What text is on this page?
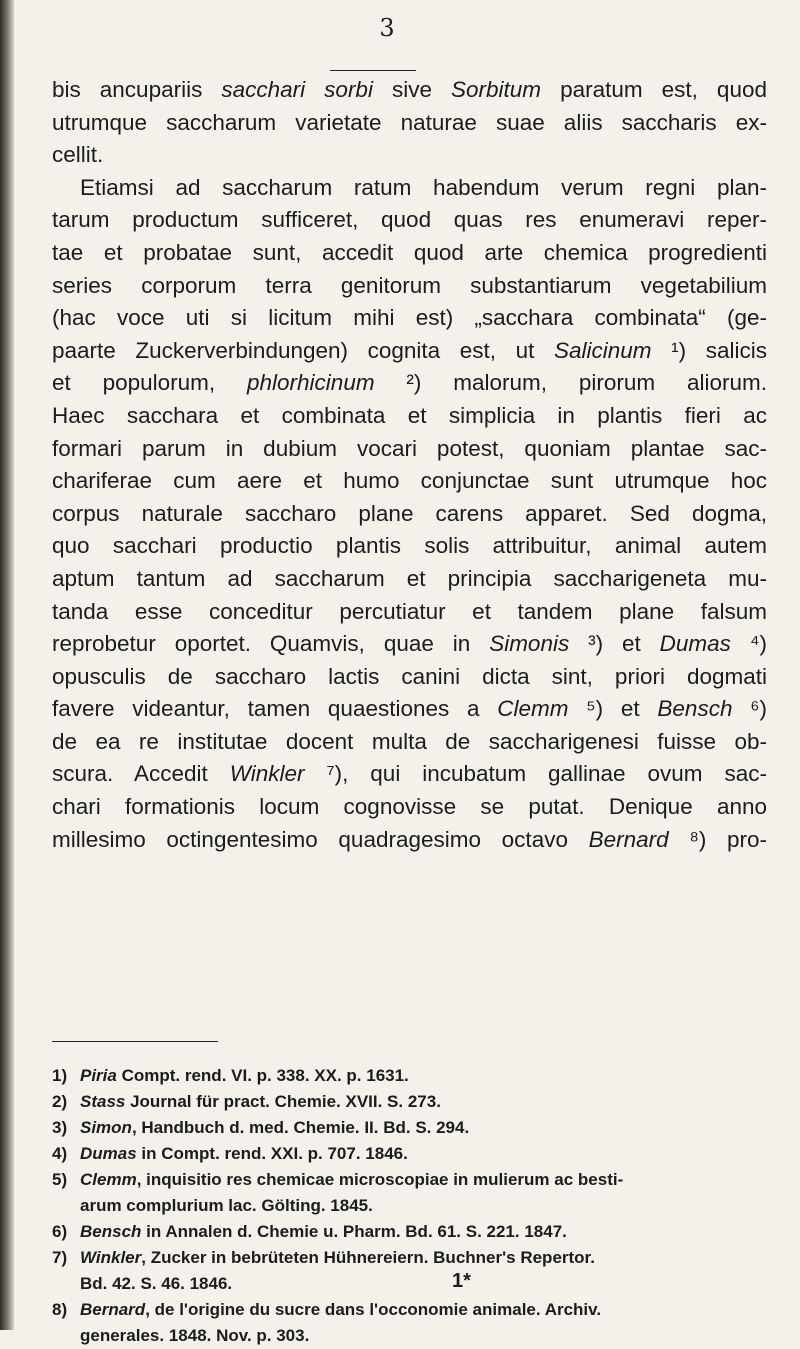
3
bis ancupariis sacchari sorbi sive Sorbitum paratum est, quod
utrumque saccharum varietate naturae suae aliis saccharis ex-
cellit.
Etiamsi ad saccharum ratum habendum verum regni plan-
tarum productum sufficeret, quod quas res enumeravi reper-
tae et probatae sunt, accedit quod arte chemica progredienti
series corporum terra genitorum substantiarum vegetabilium
(hac voce uti si licitum mihi est) „sacchara combinata“ (ge-
paarte Zuckerverbindungen) cognita est, ut Salicinum ¹) salicis
et populorum, phlorhicinum ²) malorum, pirorum aliorum.
Haec sacchara et combinata et simplicia in plantis fieri ac
formari parum in dubium vocari potest, quoniam plantae sac-
chariferae cum aere et humo conjunctae sunt utrumque hoc
corpus naturale saccharo plane carens apparet. Sed dogma,
quo sacchari productio plantis solis attribuitur, animal autem
aptum tantum ad saccharum et principia saccharigeneta mu-
tanda esse conceditur percutiatur et tandem plane falsum
reprobetur oportet. Quamvis, quae in Simonis ³) et Dumas ⁴)
opusculis de saccharo lactis canini dicta sint, priori dogmati
favere videantur, tamen quaestiones a Clemm ⁵) et Bensch ⁶)
de ea re institutae docent multa de saccharigenesi fuisse ob-
scura. Accedit Winkler ⁷), qui incubatum gallinae ovum sac-
chari formationis locum cognovisse se putat. Denique anno
millesimo octingentesimo quadragesimo octavo Bernard ⁸) pro-
1) Piria Compt. rend. VI. p. 338. XX. p. 1631.
2) Stass Journal für pract. Chemie. XVII. S. 273.
3) Simon, Handbuch d. med. Chemie. II. Bd. S. 294.
4) Dumas in Compt. rend. XXI. p. 707. 1846.
5) Clemm, inquisitio res chemicae microscopiae in mulierum ac besti-
arum complurium lac. Gölting. 1845.
6) Bensch in Annalen d. Chemie u. Pharm. Bd. 61. S. 221. 1847.
7) Winkler, Zucker in bebrüteten Hühnereiern. Buchner's Repertor.
Bd. 42. S. 46. 1846.
8) Bernard, de l'origine du sucre dans l'occonomie animale. Archiv.
generales. 1848. Nov. p. 303.
1*
